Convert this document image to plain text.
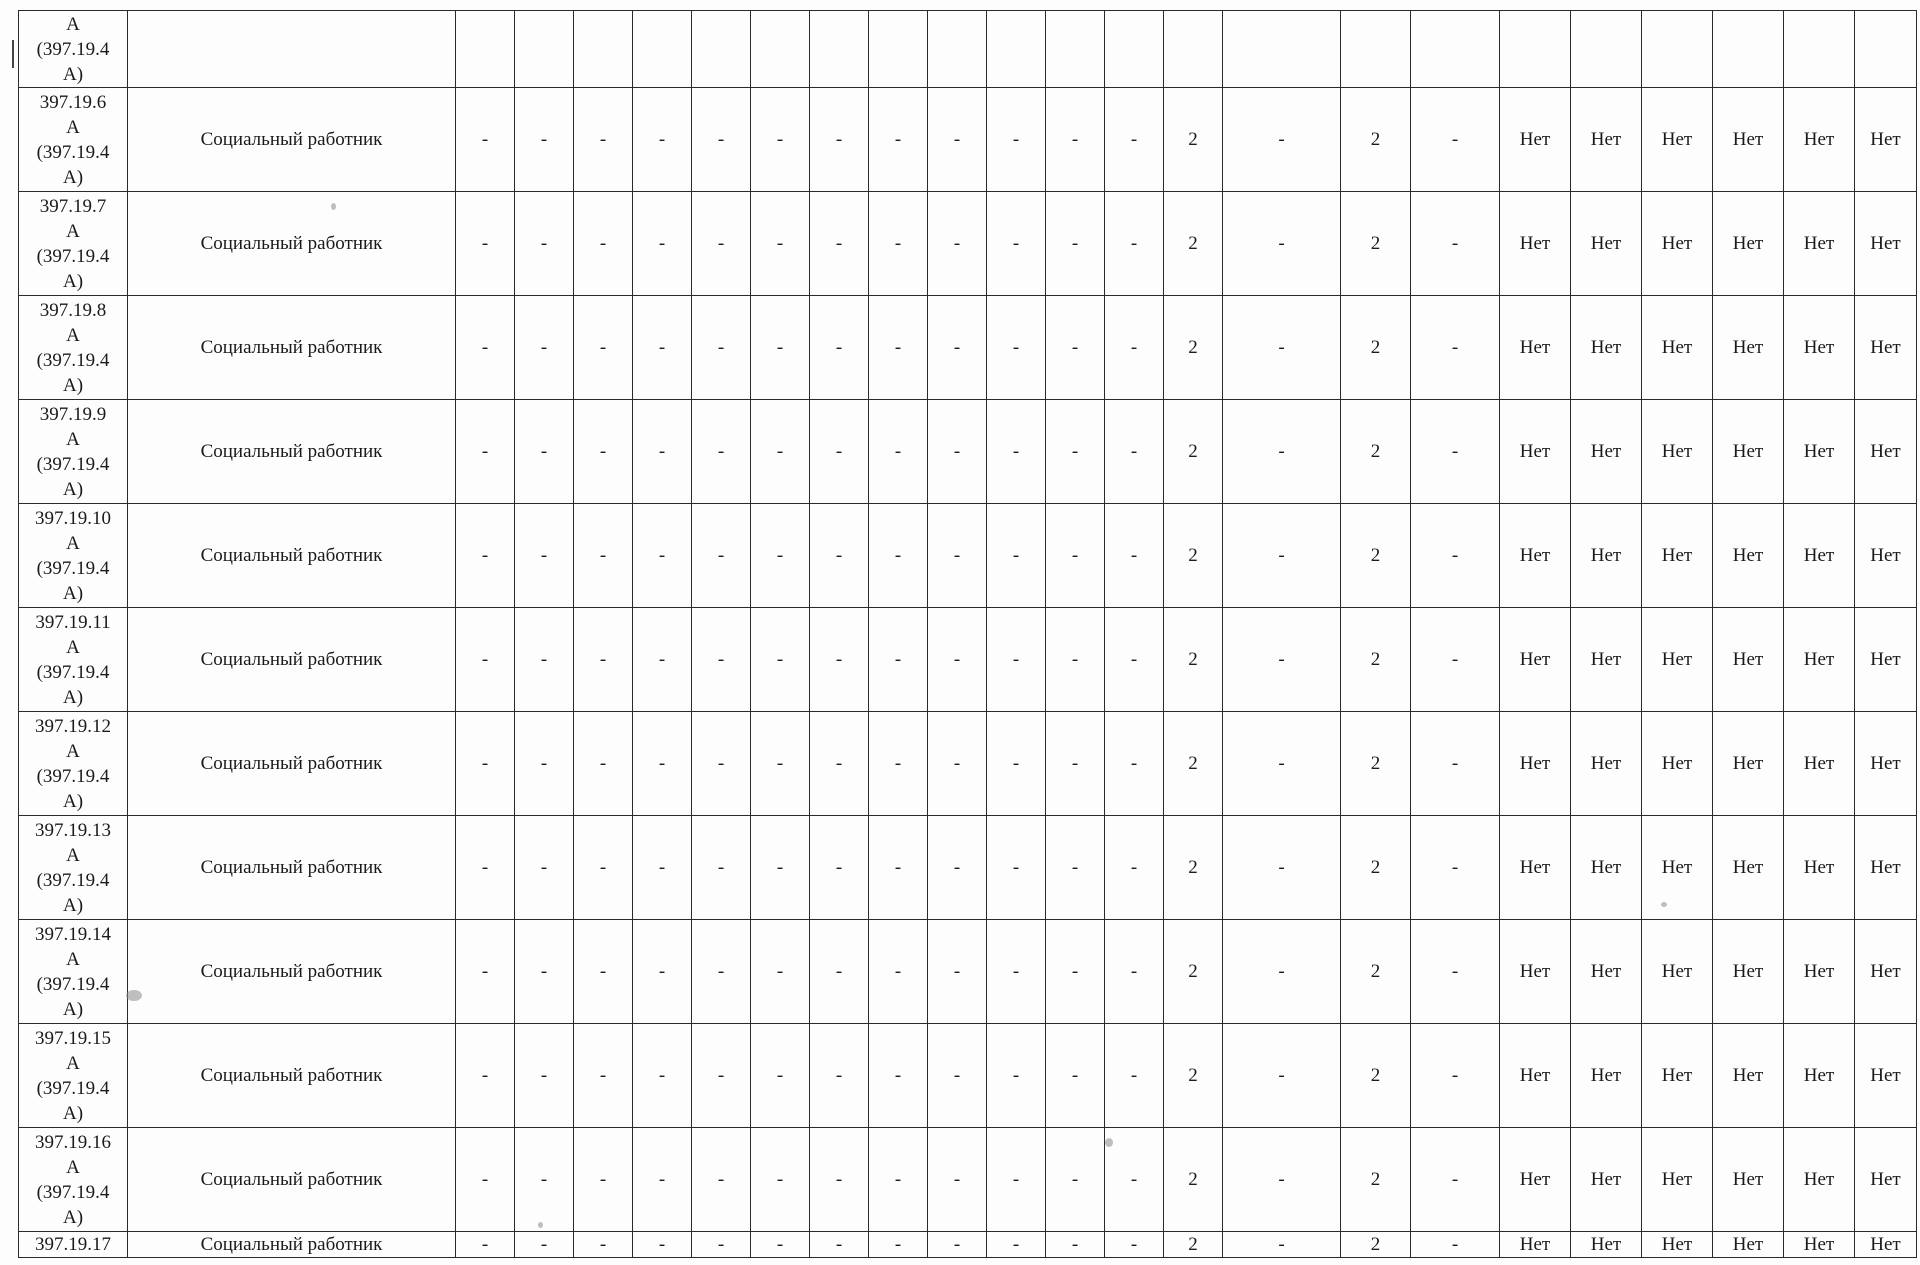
А
(397.19.4
А)																							

397.19.6
А
(397.19.4
А)	Социальный работник	-	-	-	-	-	-	-	-	-	-	-	-	2	-	2	-	Нет	Нет	Нет	Нет	Нет	Нет

397.19.7
А
(397.19.4
А)	Социальный работник	-	-	-	-	-	-	-	-	-	-	-	-	2	-	2	-	Нет	Нет	Нет	Нет	Нет	Нет

397.19.8
А
(397.19.4
А)	Социальный работник	-	-	-	-	-	-	-	-	-	-	-	-	2	-	2	-	Нет	Нет	Нет	Нет	Нет	Нет

397.19.9
А
(397.19.4
А)	Социальный работник	-	-	-	-	-	-	-	-	-	-	-	-	2	-	2	-	Нет	Нет	Нет	Нет	Нет	Нет

397.19.10
А
(397.19.4
А)	Социальный работник	-	-	-	-	-	-	-	-	-	-	-	-	2	-	2	-	Нет	Нет	Нет	Нет	Нет	Нет

397.19.11
А
(397.19.4
А)	Социальный работник	-	-	-	-	-	-	-	-	-	-	-	-	2	-	2	-	Нет	Нет	Нет	Нет	Нет	Нет

397.19.12
А
(397.19.4
А)	Социальный работник	-	-	-	-	-	-	-	-	-	-	-	-	2	-	2	-	Нет	Нет	Нет	Нет	Нет	Нет

397.19.13
А
(397.19.4
А)	Социальный работник	-	-	-	-	-	-	-	-	-	-	-	-	2	-	2	-	Нет	Нет	Нет	Нет	Нет	Нет

397.19.14
А
(397.19.4
А)	Социальный работник	-	-	-	-	-	-	-	-	-	-	-	-	2	-	2	-	Нет	Нет	Нет	Нет	Нет	Нет

397.19.15
А
(397.19.4
А)	Социальный работник	-	-	-	-	-	-	-	-	-	-	-	-	2	-	2	-	Нет	Нет	Нет	Нет	Нет	Нет

397.19.16
А
(397.19.4
А)	Социальный работник	-	-	-	-	-	-	-	-	-	-	-	-	2	-	2	-	Нет	Нет	Нет	Нет	Нет	Нет

397.19.17	Социальный работник	-	-	-	-	-	-	-	-	-	-	-	-	2	-	2	-	Нет	Нет	Нет	Нет	Нет	Нет
